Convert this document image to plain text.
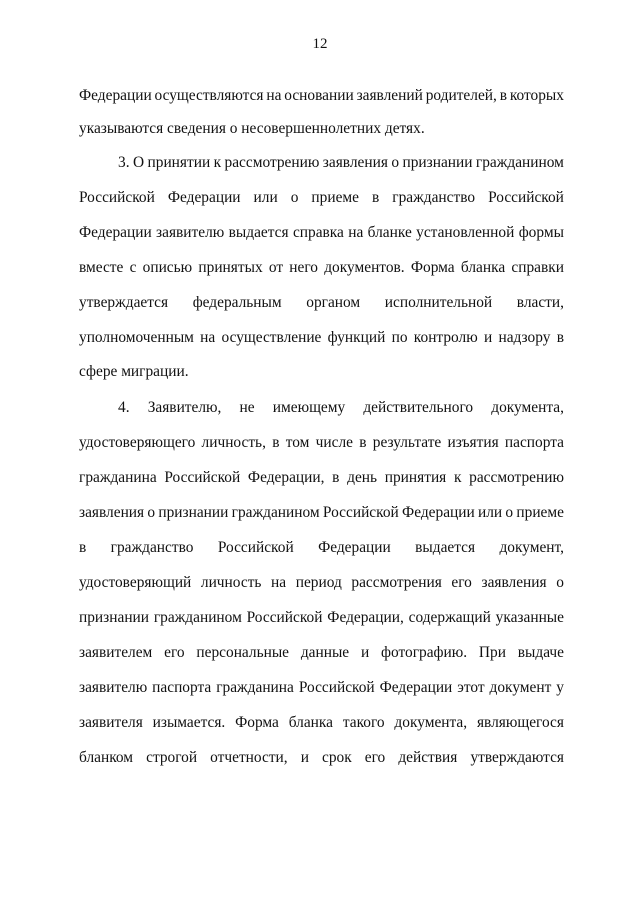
12
Федерации осуществляются на основании заявлений родителей, в которых
указываются сведения о несовершеннолетних детях.
3. О принятии к рассмотрению заявления о признании гражданином
Российской Федерации или о приеме в гражданство Российской
Федерации заявителю выдается справка на бланке установленной формы
вместе с описью принятых от него документов. Форма бланка справки
утверждается федеральным органом исполнительной власти,
уполномоченным на осуществление функций по контролю и надзору в
сфере миграции.
4. Заявителю, не имеющему действительного документа,
удостоверяющего личность, в том числе в результате изъятия паспорта
гражданина Российской Федерации, в день принятия к рассмотрению
заявления о признании гражданином Российской Федерации или о приеме
в гражданство Российской Федерации выдается документ,
удостоверяющий личность на период рассмотрения его заявления о
признании гражданином Российской Федерации, содержащий указанные
заявителем его персональные данные и фотографию. При выдаче
заявителю паспорта гражданина Российской Федерации этот документ у
заявителя изымается. Форма бланка такого документа, являющегося
бланком строгой отчетности, и срок его действия утверждаются
